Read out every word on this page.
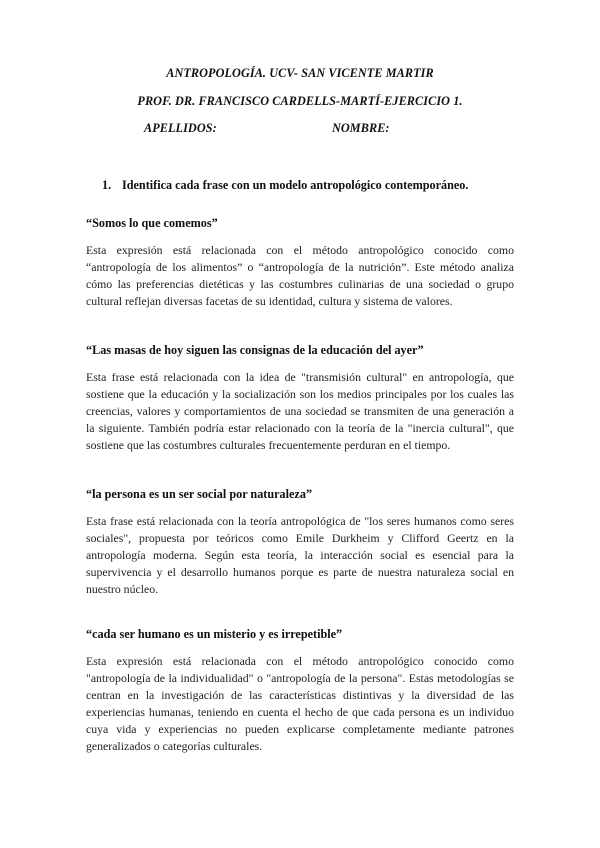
ANTROPOLOGÍA. UCV- SAN VICENTE MARTIR
PROF. DR. FRANCISCO CARDELLS-MARTÍ-EJERCICIO 1.
APELLIDOS:	NOMBRE:
1. Identifica cada frase con un modelo antropológico contemporáneo.
“Somos lo que comemos”

Esta expresión está relacionada con el método antropológico conocido como “antropología de los alimentos” o “antropología de la nutrición”. Este método analiza cómo las preferencias dietéticas y las costumbres culinarias de una sociedad o grupo cultural reflejan diversas facetas de su identidad, cultura y sistema de valores.

“Las masas de hoy siguen las consignas de la educación del ayer”

Esta frase está relacionada con la idea de "transmisión cultural" en antropología, que sostiene que la educación y la socialización son los medios principales por los cuales las creencias, valores y comportamientos de una sociedad se transmiten de una generación a la siguiente. También podría estar relacionado con la teoría de la "inercia cultural", que sostiene que las costumbres culturales frecuentemente perduran en el tiempo.

“la persona es un ser social por naturaleza”

Esta frase está relacionada con la teoría antropológica de "los seres humanos como seres sociales", propuesta por teóricos como Emile Durkheim y Clifford Geertz en la antropología moderna. Según esta teoría, la interacción social es esencial para la supervivencia y el desarrollo humanos porque es parte de nuestra naturaleza social en nuestro núcleo.

“cada ser humano es un misterio y es irrepetible”

Esta expresión está relacionada con el método antropológico conocido como "antropología de la individualidad" o "antropología de la persona". Estas metodologías se centran en la investigación de las características distintivas y la diversidad de las experiencias humanas, teniendo en cuenta el hecho de que cada persona es un individuo cuya vida y experiencias no pueden explicarse completamente mediante patrones generalizados o categorías culturales.
